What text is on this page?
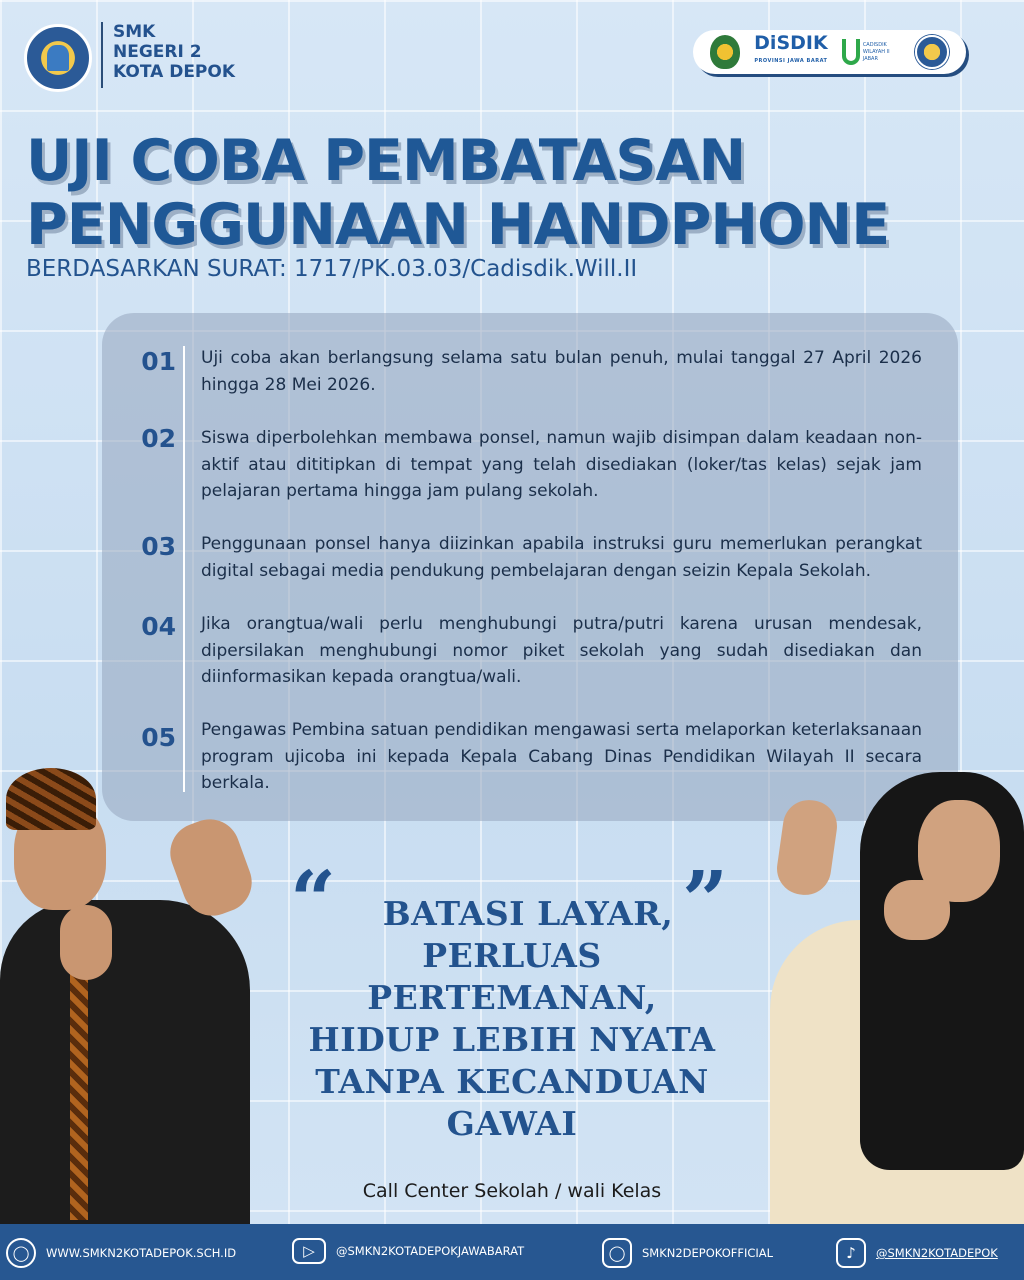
SMK
NEGERI 2
KOTA DEPOK
DiSDIK
PROVINSI JAWA BARAT
CADISDIK WILAYAH II JABAR
UJI COBA PEMBATASAN
PENGGUNAAN HANDPHONE
BERDASARKAN SURAT: 1717/PK.03.03/Cadisdik.Will.II
01 Uji coba akan berlangsung selama satu bulan penuh, mulai tanggal 27 April 2026 hingga 28 Mei 2026.
02 Siswa diperbolehkan membawa ponsel, namun wajib disimpan dalam keadaan non-aktif atau dititipkan di tempat yang telah disediakan (loker/tas kelas) sejak jam pelajaran pertama hingga jam pulang sekolah.
03 Penggunaan ponsel hanya diizinkan apabila instruksi guru memerlukan perangkat digital sebagai media pendukung pembelajaran dengan seizin Kepala Sekolah.
04 Jika orangtua/wali perlu menghubungi putra/putri karena urusan mendesak, dipersilakan menghubungi nomor piket sekolah yang sudah disediakan dan diinformasikan kepada orangtua/wali.
05 Pengawas Pembina satuan pendidikan mengawasi serta melaporkan keterlaksanaan program ujicoba ini kepada Kepala Cabang Dinas Pendidikan Wilayah II secara berkala.
“	”
BATASI LAYAR,
PERLUAS
PERTEMANAN,
HIDUP LEBIH NYATA
TANPA KECANDUAN
GAWAI
Call Center Sekolah / wali Kelas
◯	WWW.SMKN2KOTADEPOK.SCH.ID	▷	@SMKN2KOTADEPOKJAWABARAT	◯	SMKN2DEPOKOFFICIAL	♪	@SMKN2KOTADEPOK
